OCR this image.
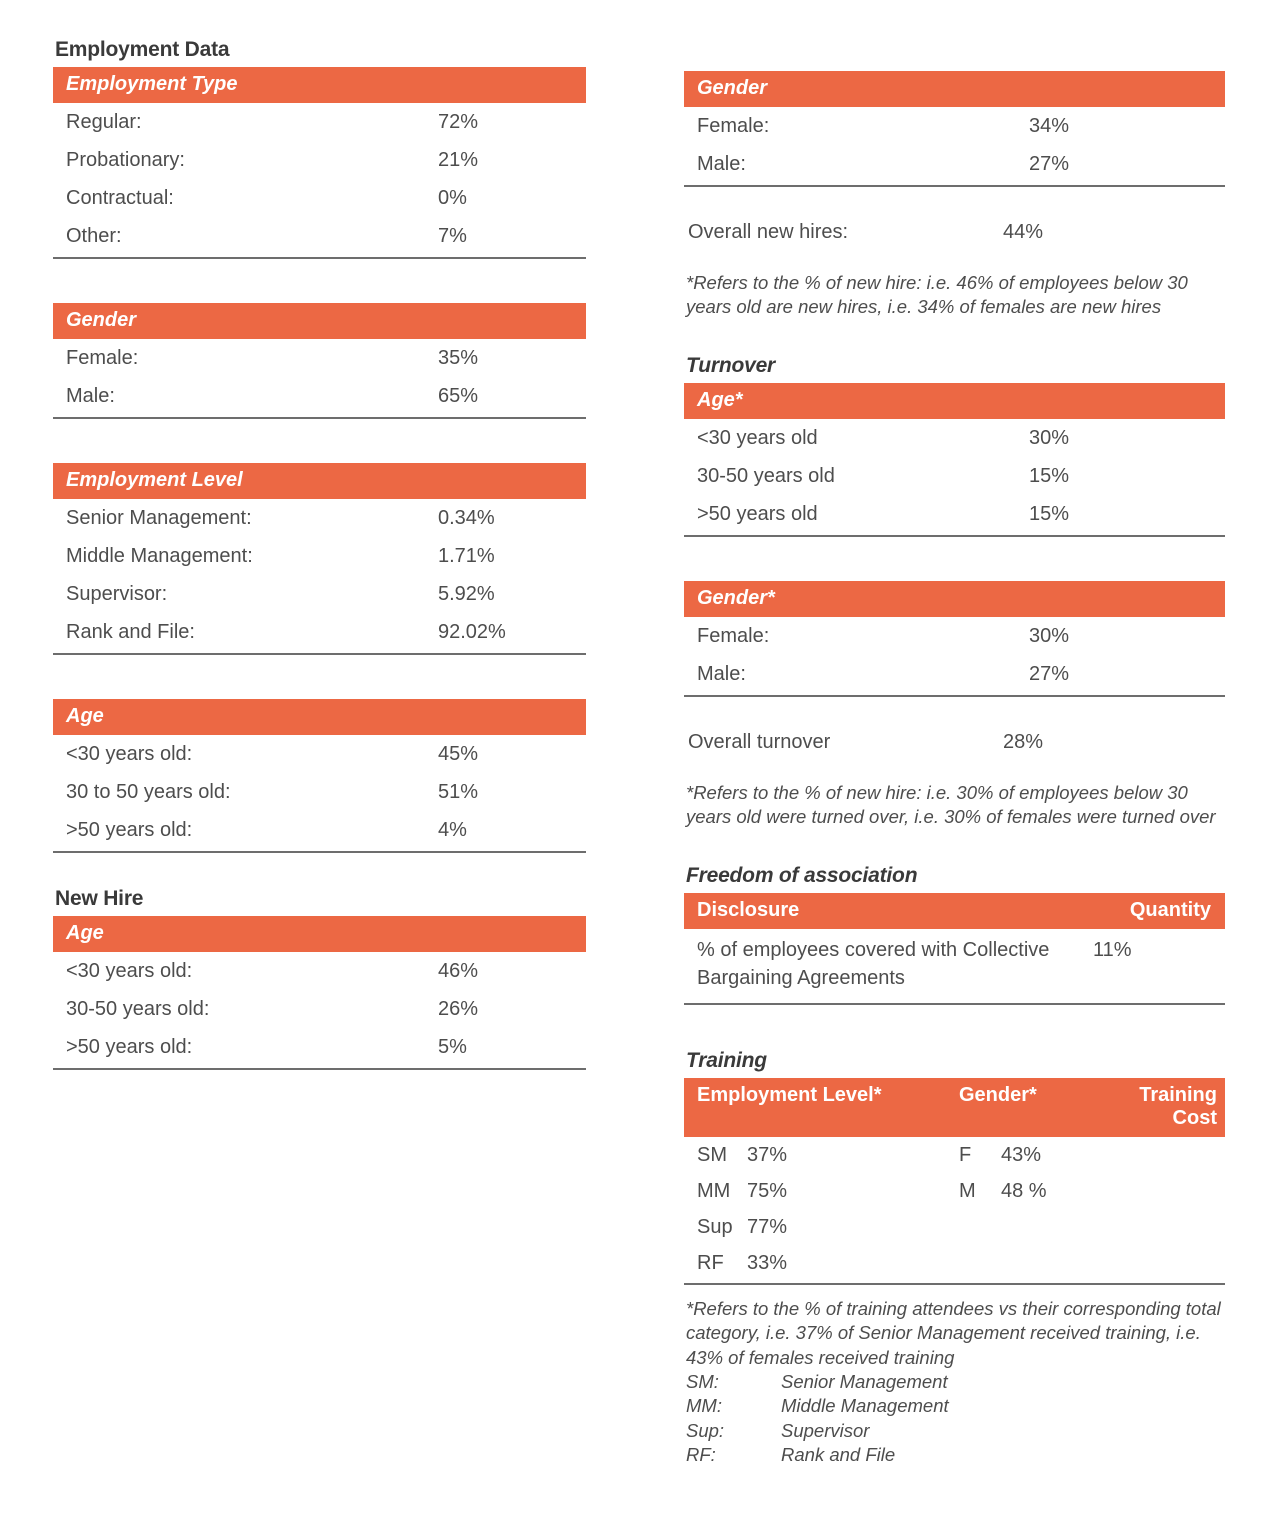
Employment Data
Employment Type
Regular:	72%
Probationary:	21%
Contractual:	0%
Other:	7%
Gender
Female:	35%
Male:	65%
Employment Level
Senior Management:	0.34%
Middle Management:	1.71%
Supervisor:	5.92%
Rank and File:	92.02%
Age
<30 years old:	45%
30 to 50 years old:	51%
>50 years old:	4%
New Hire
Age
<30 years old:	46%
30-50 years old:	26%
>50 years old:	5%
Gender
Female:	34%
Male:	27%
Overall new hires:	44%
*Refers to the % of new hire: i.e. 46% of employees below 30 years old are new hires, i.e. 34% of females are new hires
Turnover
Age*
<30 years old	30%
30-50 years old	15%
>50 years old	15%
Gender*
Female:	30%
Male:	27%
Overall turnover	28%
*Refers to the % of new hire: i.e. 30% of employees below 30 years old were turned over, i.e. 30% of females were turned over
Freedom of association
Disclosure	Quantity
% of employees covered with Collective Bargaining Agreements
11%
Training
Employment Level*	Gender*	Training Cost
SM	37%	F	43%
MM 75%	M	48 %
Sup 77%
RF	33%
*Refers to the % of training attendees vs their corresponding total category, i.e. 37% of Senior Management received training, i.e. 43% of females received training
SM:	Senior Management
MM:	Middle Management
Sup:	Supervisor
RF:	Rank and File
